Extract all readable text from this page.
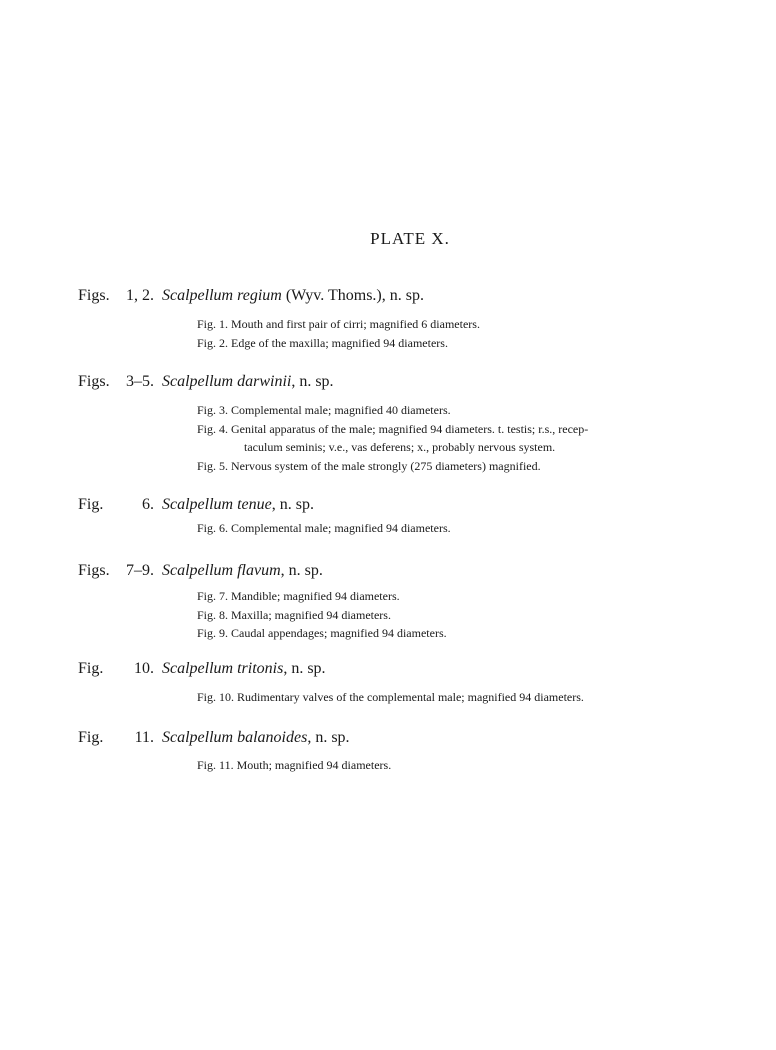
PLATE X.
Figs. 1, 2. Scalpellum regium (Wyv. Thoms.), n. sp.
Fig. 1. Mouth and first pair of cirri; magnified 6 diameters.
Fig. 2. Edge of the maxilla; magnified 94 diameters.
Figs. 3–5. Scalpellum darwinii, n. sp.
Fig. 3. Complemental male; magnified 40 diameters.
Fig. 4. Genital apparatus of the male; magnified 94 diameters. t. testis; r.s., recep-
taculum seminis; v.e., vas deferens; x., probably nervous system.
Fig. 5. Nervous system of the male strongly (275 diameters) magnified.
Fig. 6. Scalpellum tenue, n. sp.
Fig. 6. Complemental male; magnified 94 diameters.
Figs. 7–9. Scalpellum flavum, n. sp.
Fig. 7. Mandible; magnified 94 diameters.
Fig. 8. Maxilla; magnified 94 diameters.
Fig. 9. Caudal appendages; magnified 94 diameters.
Fig. 10. Scalpellum tritonis, n. sp.
Fig. 10. Rudimentary valves of the complemental male; magnified 94 diameters.
Fig. 11. Scalpellum balanoides, n. sp.
Fig. 11. Mouth; magnified 94 diameters.
